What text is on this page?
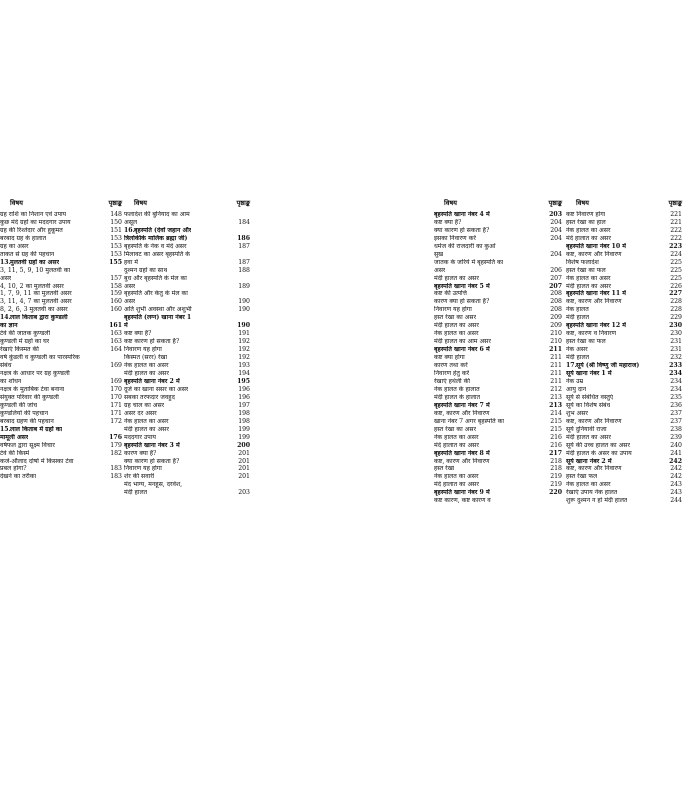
विषय	पृष्ठाङ्क
ग्रह राशि का निशान एवं उपाय	148
कुछ मंदे ग्रहों का मददगार उपाय	150
ग्रह की रिश्तेदार और हुकूमत	151
बरबाद ग्रह के हालात	153
ग्रह का असर	153
ताकत से ग्रह की पहचान	153
13.मुलतवी ग्रहों का असर	155
3, 11, 5, 9, 10 मुलतवी का
असर	157
4, 10, 2 का मुलतवी असर	158
1, 7, 9, 11 का मुलतवी असर	159
3, 11, 4, 7 का मुलतवी असर	160
8, 2, 6, 3 मुलतवी का असर	160
14.लाल किताब द्वारा कुण्डली
का ज्ञान	161
टेवे की जातक कुण्डली	163
कुण्डली में ग्रहों का घर	163
रेखाएं किस्मत की	164
वर्ष कुंडली व कुण्डली का पारस्परिक
संबंध	169
नक्षत्र के आधार पर ग्रह कुण्डली
का शोधन	169
नक्षत्र के मुताबिक टेवा बनाना	170
संयुक्त परिवार की कुण्डली	170
कुण्डली की जांच	171
कुण्डलियों की पहचान	171
बरबाद ग्रहण की पहचान	172
15.लाल किताब में ग्रहों का
मामूली असर	176
वर्षफल द्वारा सूक्ष्म विचार	179
टेवे की किस्में	182
कर्ज-औलाद दोषों में किसका टेवा
प्रबल होगा?	183
देखने का तरीका	183
विषय	पृष्ठाङ्क
फलादेश की बुनियाद का आम
असूल	184
16.बृहस्पति (देवों जहान और
त्रिलोकीके मालिक ब्रह्मा जी)	186
बृहस्पति के नेक व मंदे असर	187
मिलावट का असर बृहस्पति के
हवा में	187
दुश्मन ग्रहों का साथ	188
बुध और बृहस्पति के मेल का
असर	189
बृहस्पति और केतु के मेल का
असर	190
अति शुभी अवस्था और अशुभी	190
बृहस्पति (लग्न) खाना नंबर 1
में	190
कष्ट क्या है?	191
कष्ट कारण हो सकता है?	192
निवारण यह होगा	192
किस्मत (सरर) रेखा	192
नेक हालत का असर	193
मंदी हालत का असर	194
बृहस्पति खाना नंबर 2 में	195
दूजे का खाना ससर का असर	196
सबका तरफदार जवहुद	196
ग्रह चाल का असर	197
असर दर असर	198
नेक हालत का असर	198
मंदी हालत का असर	199
मददगार उपाय	199
बृहस्पति खाना नंबर 3 में	200
कारण क्या है?	201
क्या कारण हो सकता है?	201
निवारण यह होगा	201
शेर की सवारी	201
मंद भाग्य, मनहूस, दरवेश,
मंदी हालत	203
विषय	पृष्ठाङ्क
बृहस्पति खाना नंबर 4 में	203
कष्ट क्या है?	204
क्या कारण हो सकता है?	204
इसका निवारण करें	204
धर्मज की राजदारी का कुओं
सुख	204
जातक के जरिये में बृहस्पति का
असर	206
मंदी हालत का असर	207
बृहस्पति खाना नंबर 5 में	207
कष्ट की उत्पत्ति	208
कारण क्या हो सकता है?	208
निवारण यह होगा	208
हस्त रेखा का असर	209
मंदी हालत का असर	209
नेक हालत का असर	210
मंदी हालत का आम असर	210
बृहस्पति खाना नंबर 6 में	211
कष्ट क्या होगा	211
कारण तथा करें	211
निवारण हेतु करें	211
रेखाएं हथेली की	211
नेक हालत के हालात	212
मंदी हालत के हालात	213
बृहस्पति खाना नंबर 7 में	213
कष्ट, कारण और निवारण	214
खाना नंबर 7 अगर बृहस्पति का	215
हस्त रेखा का असर	215
नेक हालत का असर	216
मंदे हालात का असर	216
बृहस्पति खाना नंबर 8 में	217
कष्ट, कारण और निवारण	218
हस्त रेखा	218
नेक हालत का असर	219
मंदे हालात का असर	219
बृहस्पति खाना नंबर 9 में	220
कष्ट कारण, कष्ट कारण व
विषय	पृष्ठाङ्क
कष्ट निवारण होगा	221
हस्त रेखा का हाल	221
नेक हालत का असर	222
मंदे हालात का असर	222
बृहस्पति खाना नंबर 10 में	223
कष्ट, कारण और निवारण	224
विशेष फलादेश	225
हस्त रेखा का फल	225
नेक हालत का असर	225
मंदी हालत का असर	226
बृहस्पति खाना नंबर 11 में	227
कष्ट, कारण और निवारण	228
नेक हालत	228
मंदी हालत	229
बृहस्पति खाना नंबर 12 में	230
कष्ट, कारण व निवारण	230
हस्त रेखा का फल	231
नेक असर	231
मंदी हालत	232
17.सूर्य (श्री विष्णु जी महाराज)	233
सूर्य खाना नंबर 1 में	234
नेक उम्र	234
आयु दान	234
सूर्य से संबंधित वस्तुएं	235
सूर्य का विशेष संबंध	236
शुभ असर	237
कष्ट, कारण और निवारण	237
सूर्य दुनियावी राजा	238
मंदी हालत का असर	239
सूर्य की उच्च हालत का असर	240
मंदी हालत के असर का उपाय	241
सूर्य खाना नंबर 2 में	242
कष्ट, कारण और निवारण	242
हस्त रेखा फल	242
नेक हालत का असर	243
रेखाएं उपाय नेक हालत	243
शुरू दुश्मन न हो मंदी हालत	244
